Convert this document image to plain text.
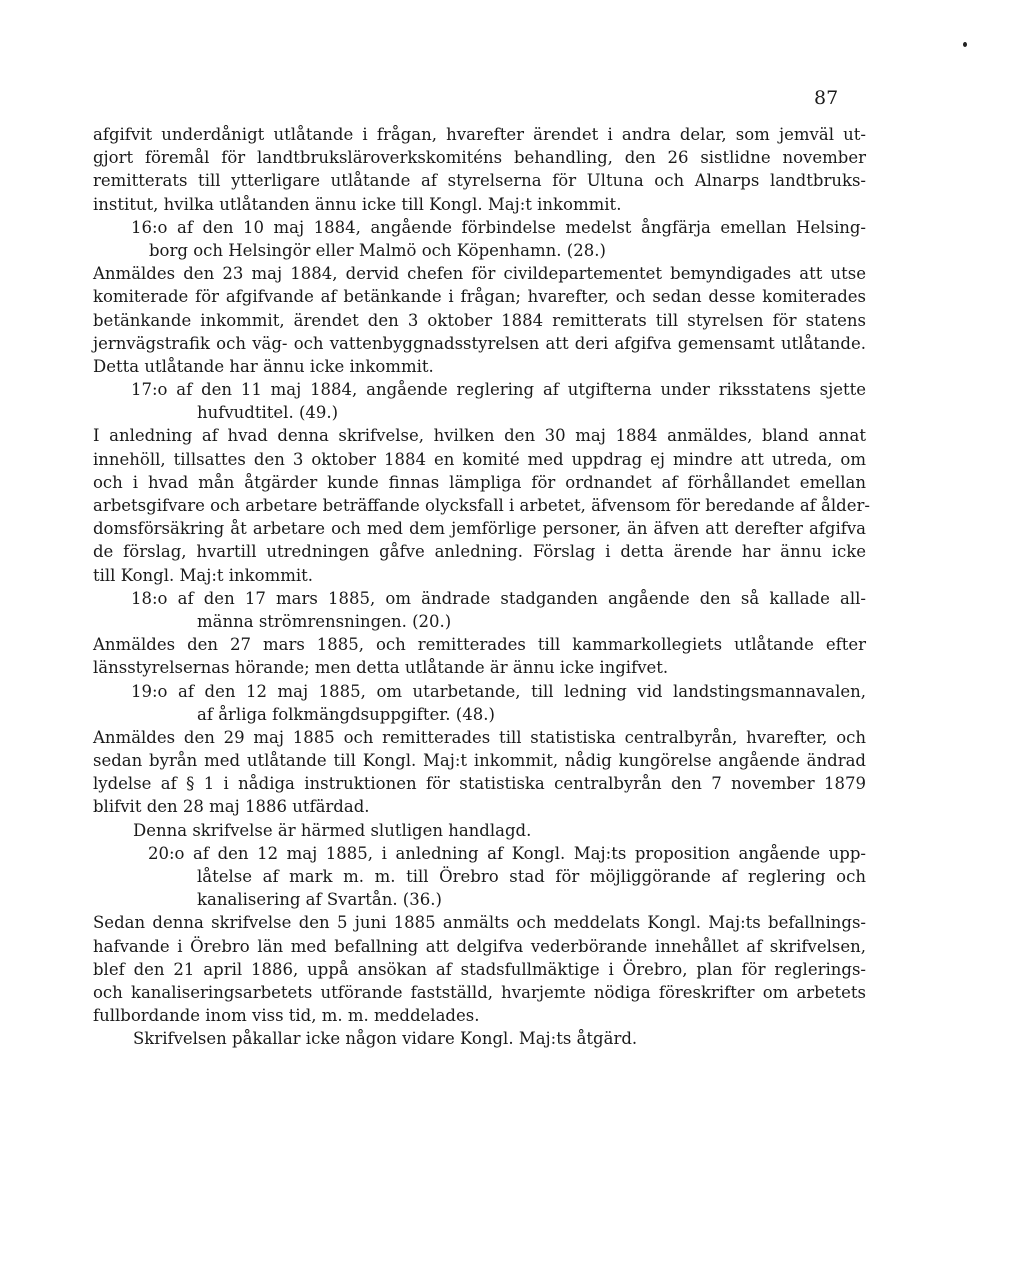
87
afgifvit underdånigt utlåtande i frågan, hvarefter ärendet i andra delar, som jemväl ut-
gjort föremål för landtbruksläroverkskomiténs behandling, den 26 sistlidne november
remitterats till ytterligare utlåtande af styrelserna för Ultuna och Alnarps landtbruks-
institut, hvilka utlåtanden ännu icke till Kongl. Maj:t inkommit.
16:o af den 10 maj 1884, angående förbindelse medelst ångfärja emellan Helsing-
borg och Helsingör eller Malmö och Köpenhamn. (28.)
Anmäldes den 23 maj 1884, dervid chefen för civildepartementet bemyndigades att utse
komiterade för afgifvande af betänkande i frågan; hvarefter, och sedan desse komiterades
betänkande inkommit, ärendet den 3 oktober 1884 remitterats till styrelsen för statens
jernvägstrafik och väg- och vattenbyggnadsstyrelsen att deri afgifva gemensamt utlåtande.
Detta utlåtande har ännu icke inkommit.
17:o af den 11 maj 1884, angående reglering af utgifterna under riksstatens sjette
hufvudtitel. (49.)
I anledning af hvad denna skrifvelse, hvilken den 30 maj 1884 anmäldes, bland annat
innehöll, tillsattes den 3 oktober 1884 en komité med uppdrag ej mindre att utreda, om
och i hvad mån åtgärder kunde finnas lämpliga för ordnandet af förhållandet emellan
arbetsgifvare och arbetare beträffande olycksfall i arbetet, äfvensom för beredande af ålder-
domsförsäkring åt arbetare och med dem jemförlige personer, än äfven att derefter afgifva
de förslag, hvartill utredningen gåfve anledning. Förslag i detta ärende har ännu icke
till Kongl. Maj:t inkommit.
18:o af den 17 mars 1885, om ändrade stadganden angående den så kallade all-
männa strömrensningen. (20.)
Anmäldes den 27 mars 1885, och remitterades till kammarkollegiets utlåtande efter
länsstyrelsernas hörande; men detta utlåtande är ännu icke ingifvet.
19:o af den 12 maj 1885, om utarbetande, till ledning vid landstingsmannavalen,
af årliga folkmängdsuppgifter. (48.)
Anmäldes den 29 maj 1885 och remitterades till statistiska centralbyrån, hvarefter, och
sedan byrån med utlåtande till Kongl. Maj:t inkommit, nådig kungörelse angående ändrad
lydelse af § 1 i nådiga instruktionen för statistiska centralbyrån den 7 november 1879
blifvit den 28 maj 1886 utfärdad.
Denna skrifvelse är härmed slutligen handlagd.
20:o af den 12 maj 1885, i anledning af Kongl. Maj:ts proposition angående upp-
låtelse af mark m. m. till Örebro stad för möjliggörande af reglering och
kanalisering af Svartån. (36.)
Sedan denna skrifvelse den 5 juni 1885 anmälts och meddelats Kongl. Maj:ts befallnings-
hafvande i Örebro län med befallning att delgifva vederbörande innehållet af skrifvelsen,
blef den 21 april 1886, uppå ansökan af stadsfullmäktige i Örebro, plan för reglerings-
och kanaliseringsarbetets utförande fastställd, hvarjemte nödiga föreskrifter om arbetets
fullbordande inom viss tid, m. m. meddelades.
Skrifvelsen påkallar icke någon vidare Kongl. Maj:ts åtgärd.
